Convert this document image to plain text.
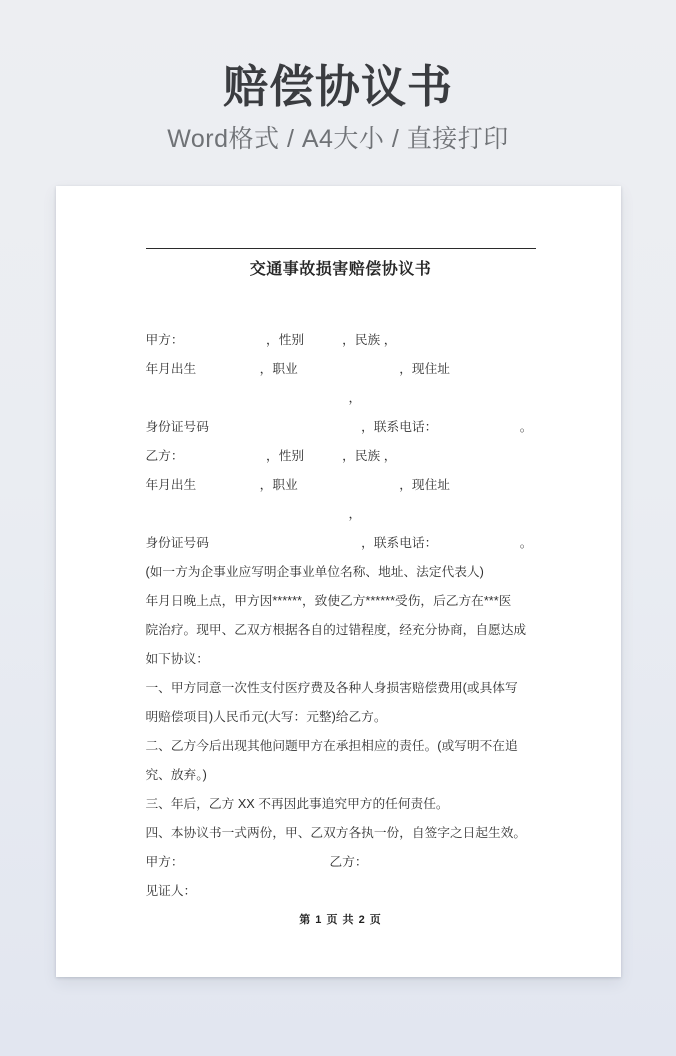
赔偿协议书
Word格式 / A4大小 / 直接打印
交通事故损害赔偿协议书
甲方：　　　　　　　，性别　　　，民族 ，
年月出生　　　　　，职业　　　　　　　　，现住址
　　　　　　　　　　　　　　　　，
身份证号码　　　　　　　　　　　　，联系电话：　　　　　　　。
乙方：　　　　　　　，性别　　　，民族 ，
年月出生　　　　　，职业　　　　　　　　，现住址
　　　　　　　　　　　　　　　　，
身份证号码　　　　　　　　　　　　，联系电话：　　　　　　　。
(如一方为企事业应写明企事业单位名称、地址、法定代表人)
年月日晚上点，甲方因******，致使乙方******受伤，后乙方在***医
院治疗。现甲、乙双方根据各自的过错程度，经充分协商，自愿达成
如下协议：
一、甲方同意一次性支付医疗费及各种人身损害赔偿费用(或具体写
明赔偿项目)人民币元(大写：元整)给乙方。
二、乙方今后出现其他问题甲方在承担相应的责任。(或写明不在追
究、放弃。)
三、年后，乙方 XX 不再因此事追究甲方的任何责任。
四、本协议书一式两份，甲、乙双方各执一份，自签字之日起生效。
甲方：　　　　　　　　　　　　乙方：
见证人：
第 1 页 共 2 页
